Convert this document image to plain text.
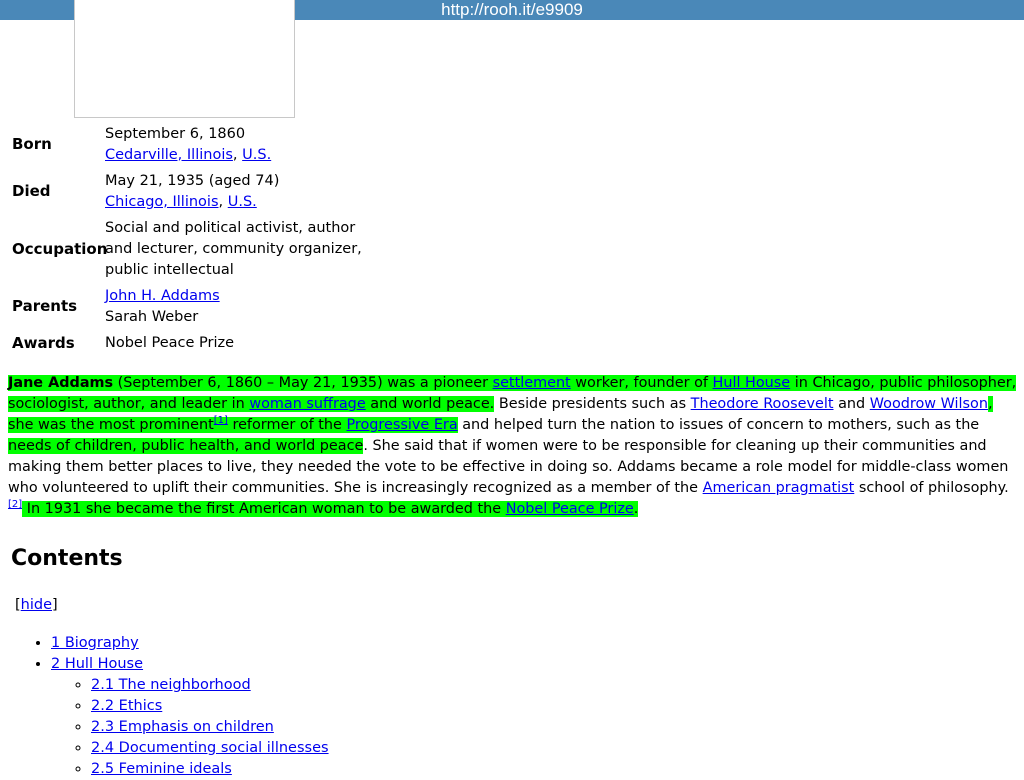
http://rooh.it/e9909
Born
September 6, 1860
Cedarville, Illinois, U.S.
Died
May 21, 1935 (aged 74)
Chicago, Illinois, U.S.
Occupation
Social and political activist, author and lecturer, community organizer, public intellectual
Parents
John H. Addams
Sarah Weber
Awards Nobel Peace Prize

Jane Addams (September 6, 1860 – May 21, 1935) was a pioneer settlement worker, founder of Hull House in Chicago, public philosopher, sociologist, author, and leader in woman suffrage and world peace. Beside presidents such as Theodore Roosevelt and Woodrow Wilson, she was the most prominent[1] reformer of the Progressive Era and helped turn the nation to issues of concern to mothers, such as the needs of children, public health, and world peace. She said that if women were to be responsible for cleaning up their communities and making them better places to live, they needed the vote to be effective in doing so. Addams became a role model for middle-class women who volunteered to uplift their communities. She is increasingly recognized as a member of the American pragmatist school of philosophy.[2] In 1931 she became the first American woman to be awarded the Nobel Peace Prize.

Contents
[hide]
• 1 Biography
• 2 Hull House
◦ 2.1 The neighborhood
◦ 2.2 Ethics
◦ 2.3 Emphasis on children
◦ 2.4 Documenting social illnesses
◦ 2.5 Feminine ideals
